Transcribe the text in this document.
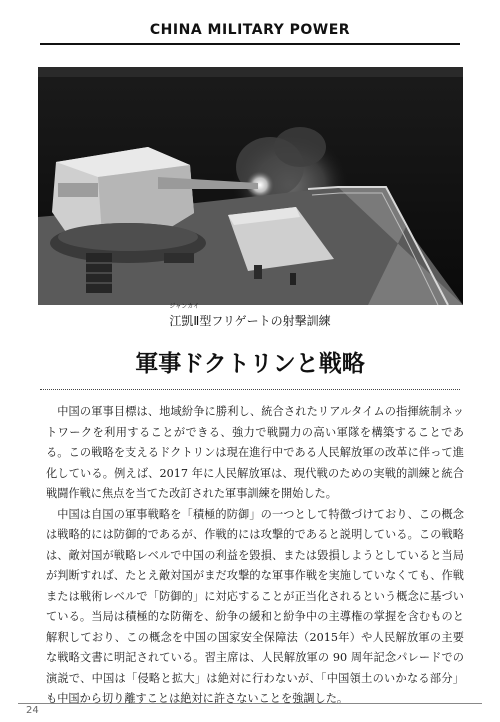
CHINA MILITARY POWER
ジャンカイ
江凱Ⅱ型フリゲートの射撃訓練
軍事ドクトリンと戦略

中国の軍事目標は、地域紛争に勝利し、統合されたリアルタイムの指揮統制ネットワークを利用することができる、強力で戦闘力の高い軍隊を構築することである。この戦略を支えるドクトリンは現在進行中である人民解放軍の改革に伴って進化している。例えば、2017 年に人民解放軍は、現代戦のための実戦的訓練と統合戦闘作戦に焦点を当てた改訂された軍事訓練を開始した。

中国は自国の軍事戦略を「積極的防御」の一つとして特徴づけており、この概念は戦略的には防御的であるが、作戦的には攻撃的であると説明している。この戦略は、敵対国が戦略レベルで中国の利益を毀損、または毀損しようとしていると当局が判断すれば、たとえ敵対国がまだ攻撃的な軍事作戦を実施していなくても、作戦または戦術レベルで「防御的」に対応することが正当化されるという概念に基づいている。当局は積極的な防衛を、紛争の緩和と紛争中の主導権の掌握を含むものと解釈しており、この概念を中国の国家安全保障法（2015年）や人民解放軍の主要な戦略文書に明記されている。習主席は、人民解放軍の 90 周年記念パレードでの演説で、中国は「侵略と拡大」は絶対に行わないが、「中国領土のいかなる部分」も中国から切り離すことは絶対に許さないことを強調した。

24
